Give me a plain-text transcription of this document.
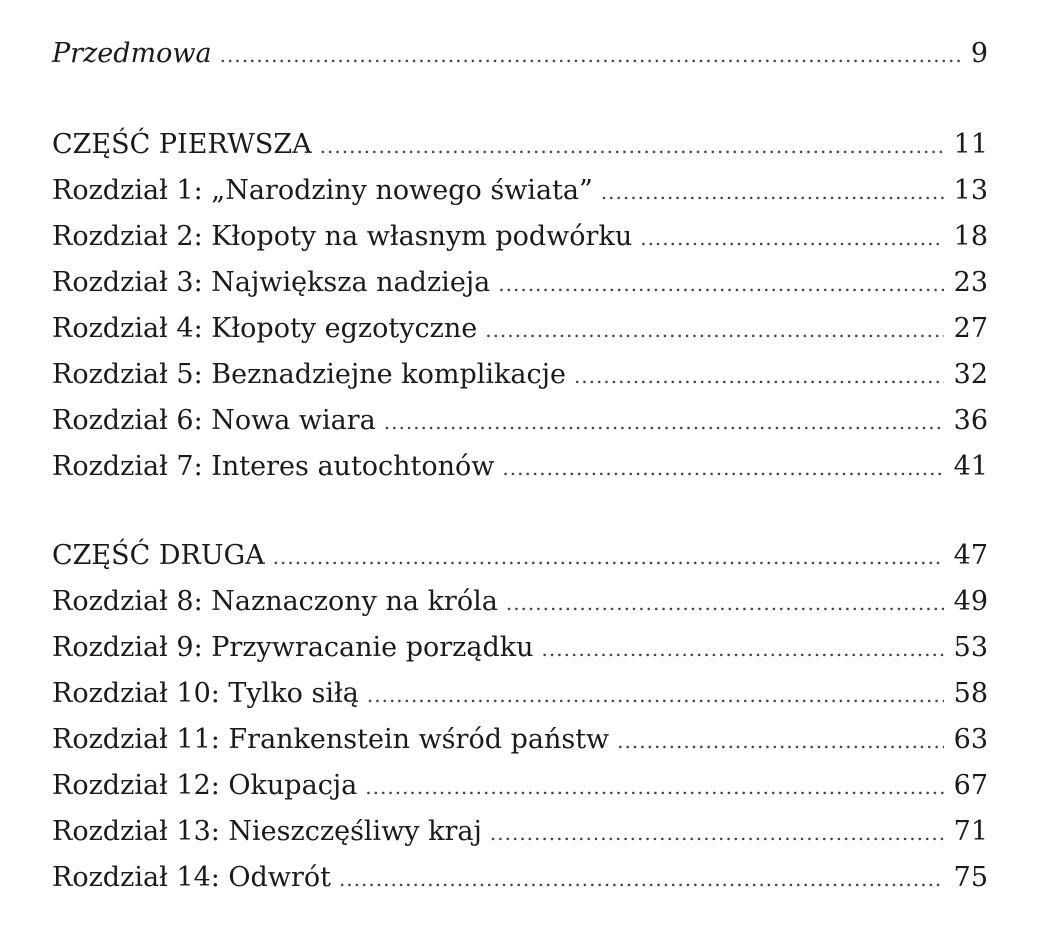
Przedmowa .....	9
CZĘŚĆ PIERWSZA .....	11
Rozdział 1: „Narodziny nowego świata” .....	13
Rozdział 2: Kłopoty na własnym podwórku .....	18
Rozdział 3: Największa nadzieja .....	23
Rozdział 4: Kłopoty egzotyczne .....	27
Rozdział 5: Beznadziejne komplikacje .....	32
Rozdział 6: Nowa wiara .....	36
Rozdział 7: Interes autochtonów .....	41
CZĘŚĆ DRUGA .....	47
Rozdział 8: Naznaczony na króla .....	49
Rozdział 9: Przywracanie porządku .....	53
Rozdział 10: Tylko siłą .....	58
Rozdział 11: Frankenstein wśród państw .....	63
Rozdział 12: Okupacja .....	67
Rozdział 13: Nieszczęśliwy kraj .....	71
Rozdział 14: Odwrót .....	75
